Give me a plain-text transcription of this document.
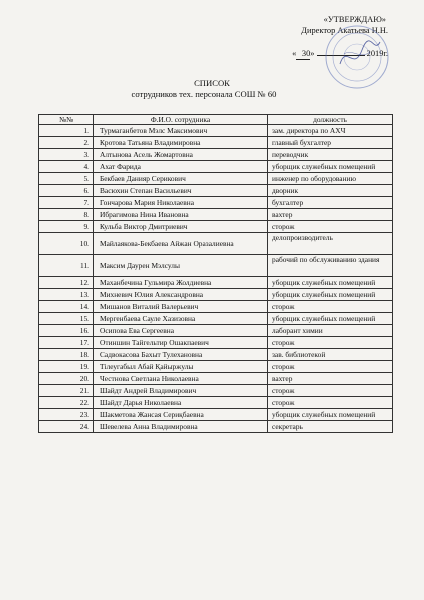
«УТВЕРЖДАЮ»
Директор Акатьева Н.Н.
« 30»	2019г.
СПИСОК
сотрудников тех. персонала СОШ № 60
№№	Ф.И.О. сотрудника	должность
1.	Турмаганбетов Мэлс Максимович	зам. директора по АХЧ
2.	Кротова Татьяна Владимировна	главный бухгалтер
3.	Алтынова Асель Жомартовна	переводчик
4.	Ахат Фарида	уборщик служебных помещений
5.	Бекбаев Данияр Серикович	инженер по оборудованию
6.	Васюхин Степан Васильевич	дворник
7.	Гончарова Мария Николаевна	бухгалтер
8.	Ибрагимова Нина Ивановна	вахтер
9.	Кульба Виктор Дмитриевич	сторож
10.	Майлаякова-Бекбаева Айжан Оразалиевна	делопроизводитель
11.	Максим Даурен Мэлсулы	рабочий по обслуживанию здания
12.	Маханбечина Гульмира Жолдиевна	уборщик служебных помещений
13.	Михневич Юлия Александровна	уборщик служебных помещений
14.	Мишанов Виталий Валерьевич	сторож
15.	Мергенбаева Сауле Хазизовна	уборщик служебных помещений
16.	Осипова Ева Сергеевна	лаборант химии
17.	Отиншин Тайгельтир Ошакпаевич	сторож
18.	Садвокасова Бахыт Тулехановна	зав. библиотекой
19.	Тілеугабыл Абай Қайыржулы	сторож
20.	Честнова Светлана Николаевна	вахтер
21.	Шайдт Андрей Владимирович	сторож
22.	Шайдт Дарья Николаевна	сторож
23.	Шакметова Жансая Сериқбаевна	уборщик служебных помещений
24.	Шевелева Анна Владимировна	секретарь
